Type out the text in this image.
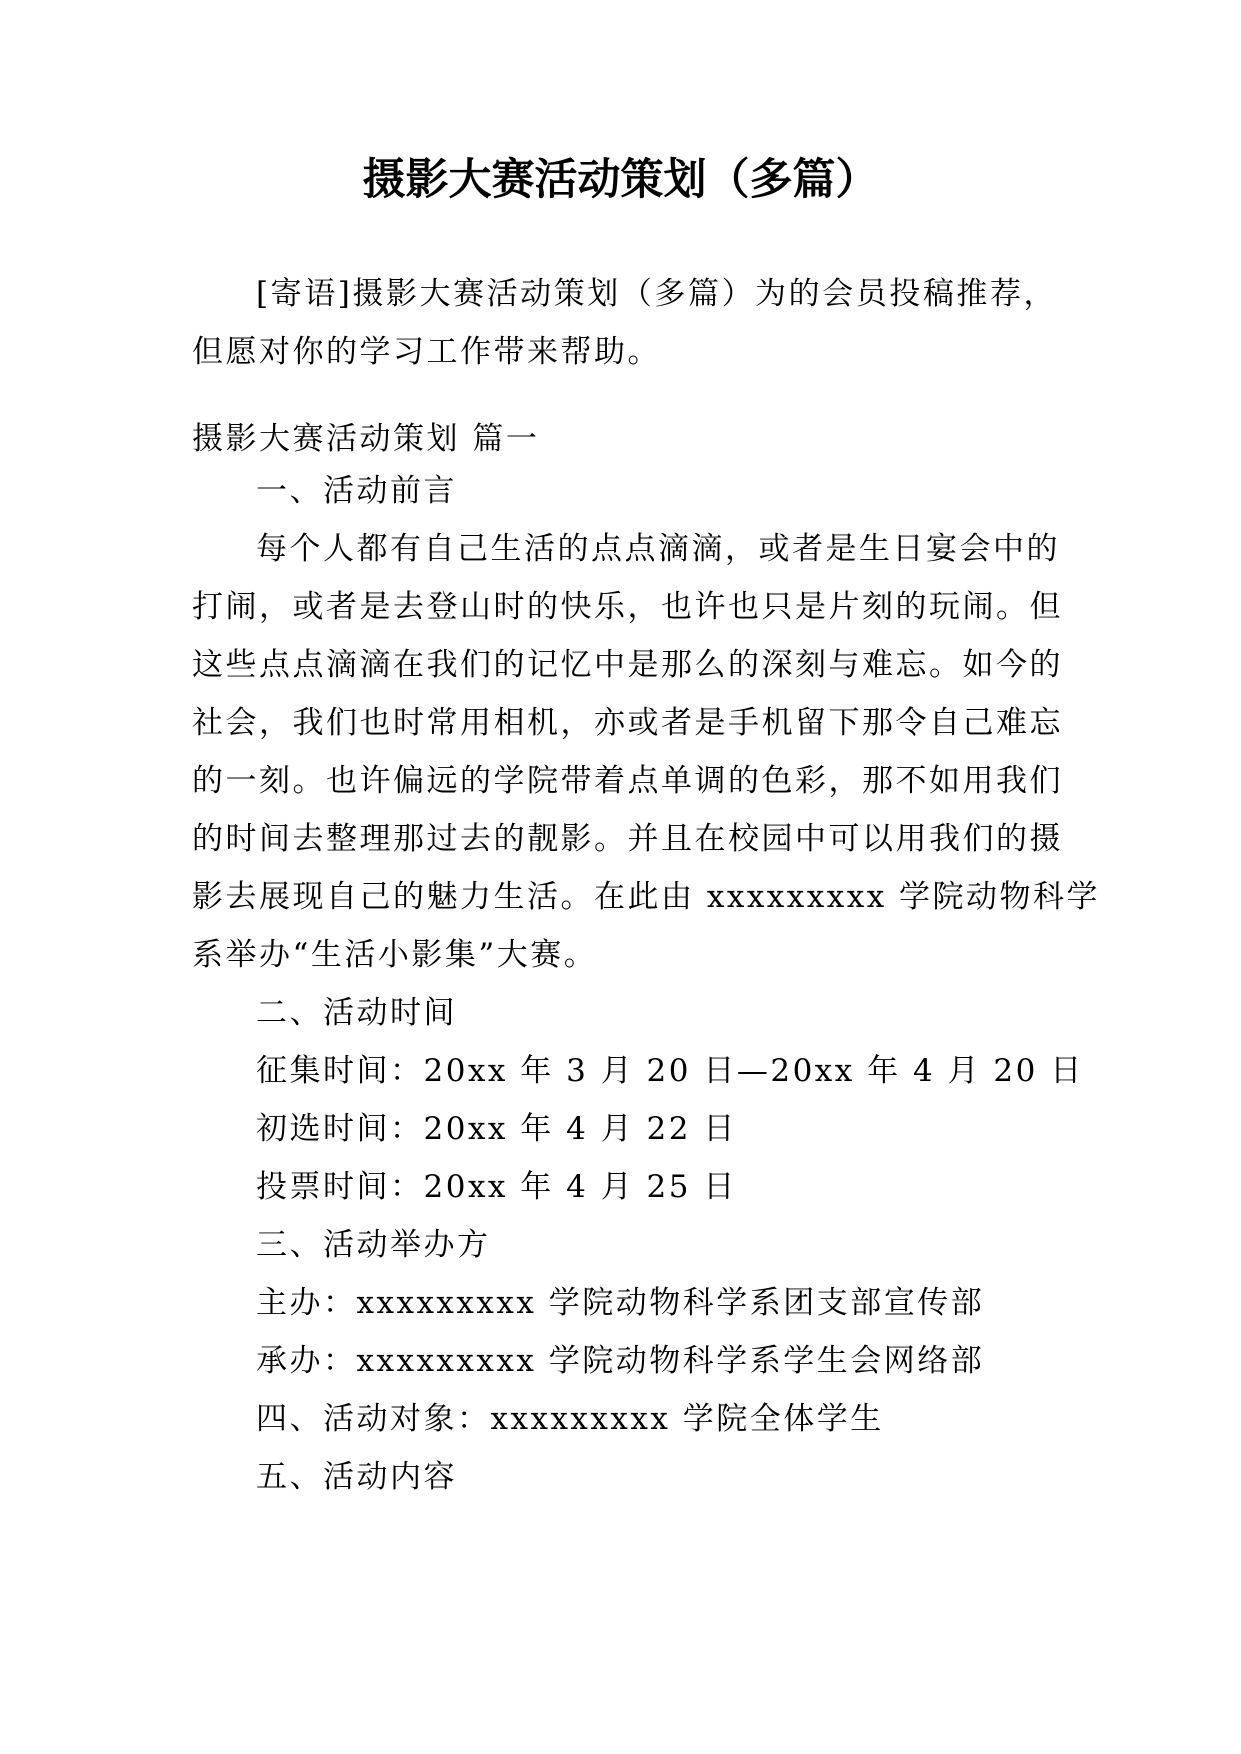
摄影大赛活动策划（多篇）
[寄语]摄影大赛活动策划（多篇）为的会员投稿推荐，
但愿对你的学习工作带来帮助。
摄影大赛活动策划 篇一
一、活动前言
每个人都有自己生活的点点滴滴，或者是生日宴会中的
打闹，或者是去登山时的快乐，也许也只是片刻的玩闹。但
这些点点滴滴在我们的记忆中是那么的深刻与难忘。如今的
社会，我们也时常用相机，亦或者是手机留下那令自己难忘
的一刻。也许偏远的学院带着点单调的色彩，那不如用我们
的时间去整理那过去的靓影。并且在校园中可以用我们的摄
影去展现自己的魅力生活。在此由 xxxxxxxxx 学院动物科学
系举办“生活小影集”大赛。
二、活动时间
征集时间：20xx 年 3 月 20 日—20xx 年 4 月 20 日
初选时间：20xx 年 4 月 22 日
投票时间：20xx 年 4 月 25 日
三、活动举办方
主办：xxxxxxxxx 学院动物科学系团支部宣传部
承办：xxxxxxxxx 学院动物科学系学生会网络部
四、活动对象：xxxxxxxxx 学院全体学生
五、活动内容
